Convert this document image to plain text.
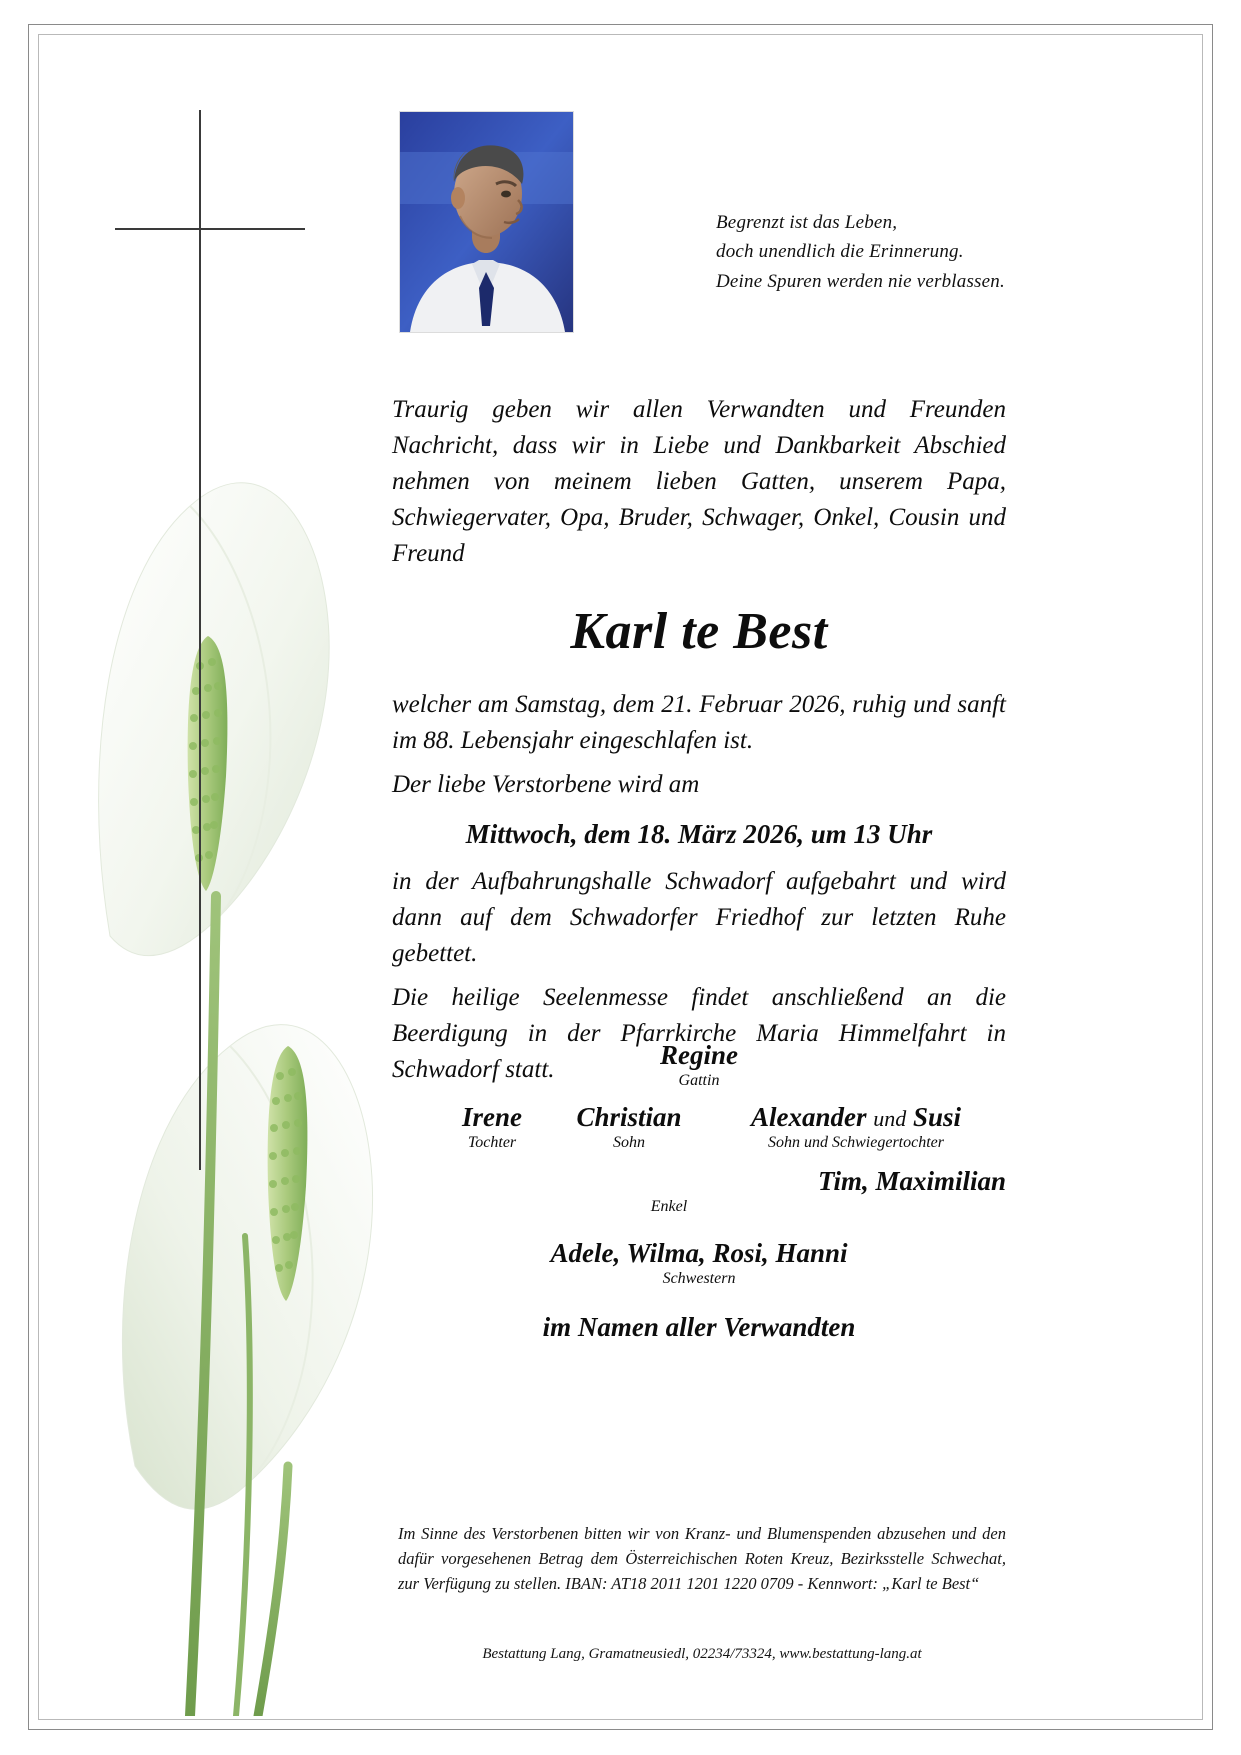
Begrenzt ist das Leben,
doch unendlich die Erinnerung.
Deine Spuren werden nie verblassen.

Traurig geben wir allen Verwandten und Freunden Nachricht, dass wir in Liebe und Dankbarkeit Abschied nehmen von meinem lieben Gatten, unserem Papa, Schwiegervater, Opa, Bruder, Schwager, Onkel, Cousin und Freund

Karl te Best

welcher am Samstag, dem 21. Februar 2026, ruhig und sanft im 88. Lebensjahr eingeschlafen ist.

Der liebe Verstorbene wird am

Mittwoch, dem 18. März 2026, um 13 Uhr

in der Aufbahrungshalle Schwadorf aufgebahrt und wird dann auf dem Schwadorfer Friedhof zur letzten Ruhe gebettet.

Die heilige Seelenmesse findet anschließend an die Beerdigung in der Pfarrkirche Maria Himmelfahrt in Schwadorf statt.	Regine
Gattin
Irene
Tochter
Christian
Sohn
Alexander und Susi
Sohn und Schwiegertochter
Tim, Maximilian
Enkel
Adele, Wilma, Rosi, Hanni
Schwestern
im Namen aller Verwandten
Im Sinne des Verstorbenen bitten wir von Kranz- und Blumenspenden abzusehen und den dafür vorgesehenen Betrag dem Österreichischen Roten Kreuz, Bezirksstelle Schwechat, zur Verfügung zu stellen. IBAN: AT18 2011 1201 1220 0709 - Kennwort: „Karl te Best“
Bestattung Lang, Gramatneusiedl, 02234/73324, www.bestattung-lang.at
